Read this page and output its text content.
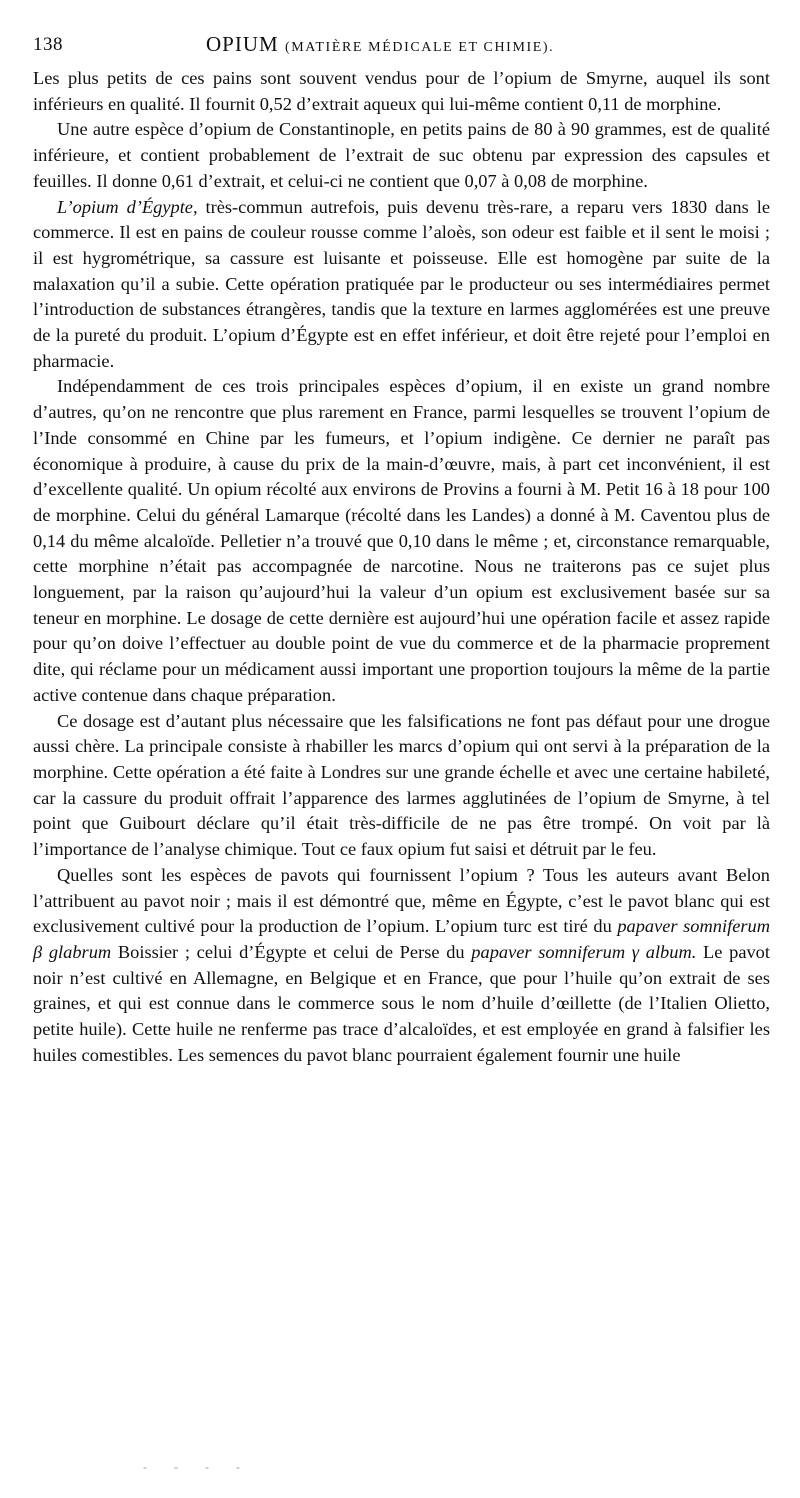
138	OPIUM (MATIÈRE MÉDICALE ET CHIMIE).

Les plus petits de ces pains sont souvent vendus pour de l’opium de Smyrne, auquel ils sont inférieurs en qualité. Il fournit 0,52 d’extrait aqueux qui lui-même contient 0,11 de morphine.

Une autre espèce d’opium de Constantinople, en petits pains de 80 à 90 grammes, est de qualité inférieure, et contient probablement de l’extrait de suc obtenu par expression des capsules et feuilles. Il donne 0,61 d’extrait, et celui-ci ne contient que 0,07 à 0,08 de morphine.

L’opium d’Égypte, très-commun autrefois, puis devenu très-rare, a reparu vers 1830 dans le commerce. Il est en pains de couleur rousse comme l’aloès, son odeur est faible et il sent le moisi ; il est hygrométrique, sa cassure est luisante et poisseuse. Elle est homogène par suite de la malaxation qu’il a subie. Cette opération pratiquée par le producteur ou ses intermédiaires permet l’introduction de substances étrangères, tandis que la texture en larmes agglomérées est une preuve de la pureté du produit. L’opium d’Égypte est en effet inférieur, et doit être rejeté pour l’emploi en pharmacie.

Indépendamment de ces trois principales espèces d’opium, il en existe un grand nombre d’autres, qu’on ne rencontre que plus rarement en France, parmi lesquelles se trouvent l’opium de l’Inde consommé en Chine par les fumeurs, et l’opium indigène. Ce dernier ne paraît pas économique à produire, à cause du prix de la main-d’œuvre, mais, à part cet inconvénient, il est d’excellente qualité. Un opium récolté aux environs de Provins a fourni à M. Petit 16 à 18 pour 100 de morphine. Celui du général Lamarque (récolté dans les Landes) a donné à M. Caventou plus de 0,14 du même alcaloïde. Pelletier n’a trouvé que 0,10 dans le même ; et, circonstance remarquable, cette morphine n’était pas accompagnée de narcotine. Nous ne traiterons pas ce sujet plus longuement, par la raison qu’aujourd’hui la valeur d’un opium est exclusivement basée sur sa teneur en morphine. Le dosage de cette dernière est aujourd’hui une opération facile et assez rapide pour qu’on doive l’effectuer au double point de vue du commerce et de la pharmacie proprement dite, qui réclame pour un médicament aussi important une proportion toujours la même de la partie active contenue dans chaque préparation.

Ce dosage est d’autant plus nécessaire que les falsifications ne font pas défaut pour une drogue aussi chère. La principale consiste à rhabiller les marcs d’opium qui ont servi à la préparation de la morphine. Cette opération a été faite à Londres sur une grande échelle et avec une certaine habileté, car la cassure du produit offrait l’apparence des larmes agglutinées de l’opium de Smyrne, à tel point que Guibourt déclare qu’il était très-difficile de ne pas être trompé. On voit par là l’importance de l’analyse chimique. Tout ce faux opium fut saisi et détruit par le feu.

Quelles sont les espèces de pavots qui fournissent l’opium ? Tous les auteurs avant Belon l’attribuent au pavot noir ; mais il est démontré que, même en Égypte, c’est le pavot blanc qui est exclusivement cultivé pour la production de l’opium. L’opium turc est tiré du papaver somniferum β glabrum Boissier ; celui d’Égypte et celui de Perse du papaver somniferum γ album. Le pavot noir n’est cultivé en Allemagne, en Belgique et en France, que pour l’huile qu’on extrait de ses graines, et qui est connue dans le commerce sous le nom d’huile d’œillette (de l’Italien Olietto, petite huile). Cette huile ne renferme pas trace d’alcaloïdes, et est employée en grand à falsifier les huiles comestibles. Les semences du pavot blanc pourraient également fournir une huile

- - - -
